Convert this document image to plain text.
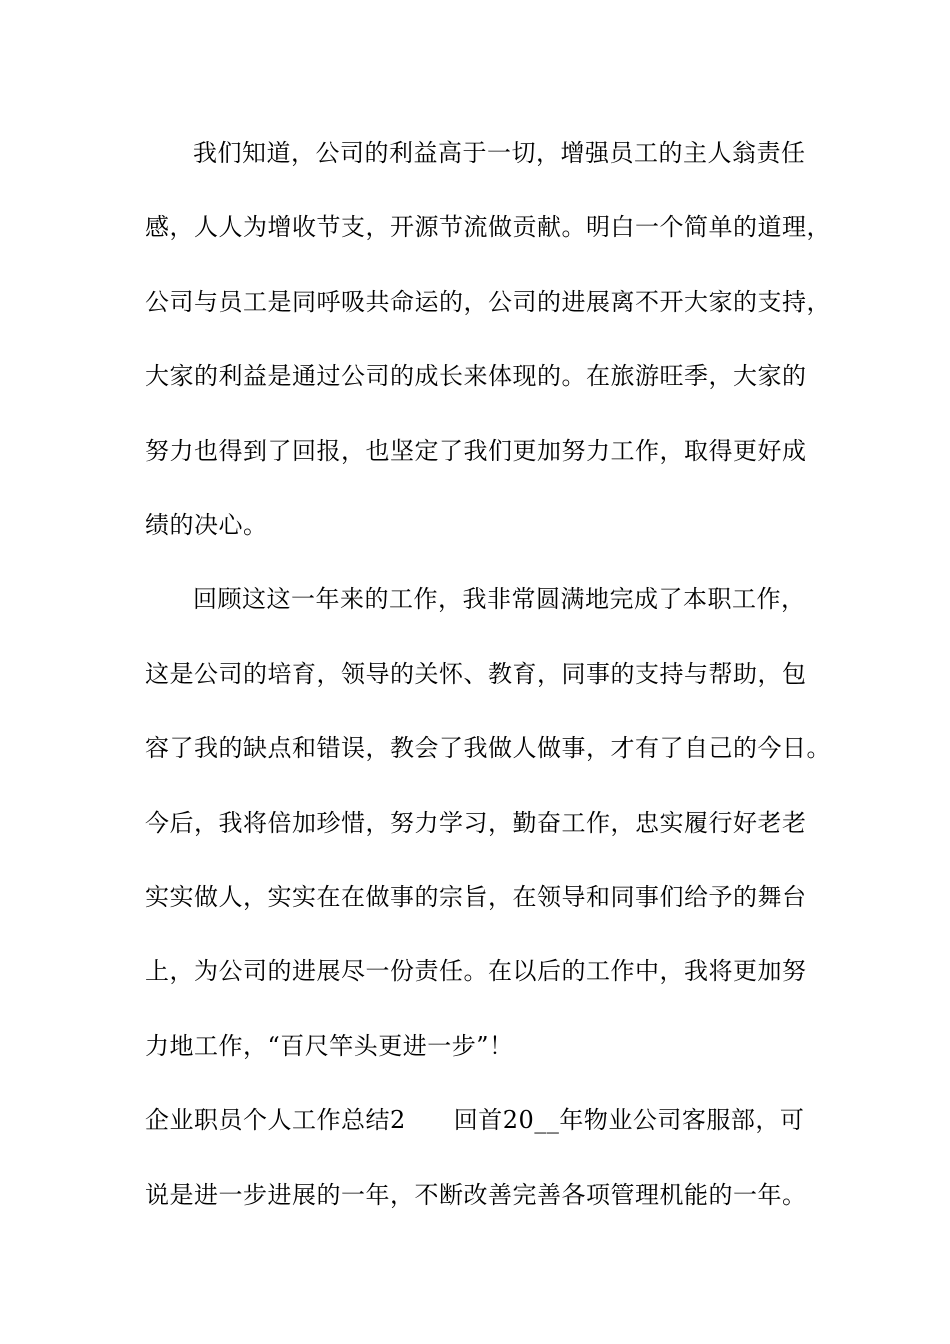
我们知道，公司的利益高于一切，增强员工的主人翁责任
感，人人为增收节支，开源节流做贡献。明白一个简单的道理，
公司与员工是同呼吸共命运的，公司的进展离不开大家的支持，
大家的利益是通过公司的成长来体现的。在旅游旺季，大家的
努力也得到了回报，也坚定了我们更加努力工作，取得更好成
绩的决心。
回顾这这一年来的工作，我非常圆满地完成了本职工作，
这是公司的培育，领导的关怀、教育，同事的支持与帮助，包
容了我的缺点和错误，教会了我做人做事，才有了自己的今日。
今后，我将倍加珍惜，努力学习，勤奋工作，忠实履行好老老
实实做人，实实在在做事的宗旨，在领导和同事们给予的舞台
上，为公司的进展尽一份责任。在以后的工作中，我将更加努
力地工作，“百尺竿头更进一步”！
企业职员个人工作总结2 回首20__年物业公司客服部，可
说是进一步进展的一年，不断改善完善各项管理机能的一年。
